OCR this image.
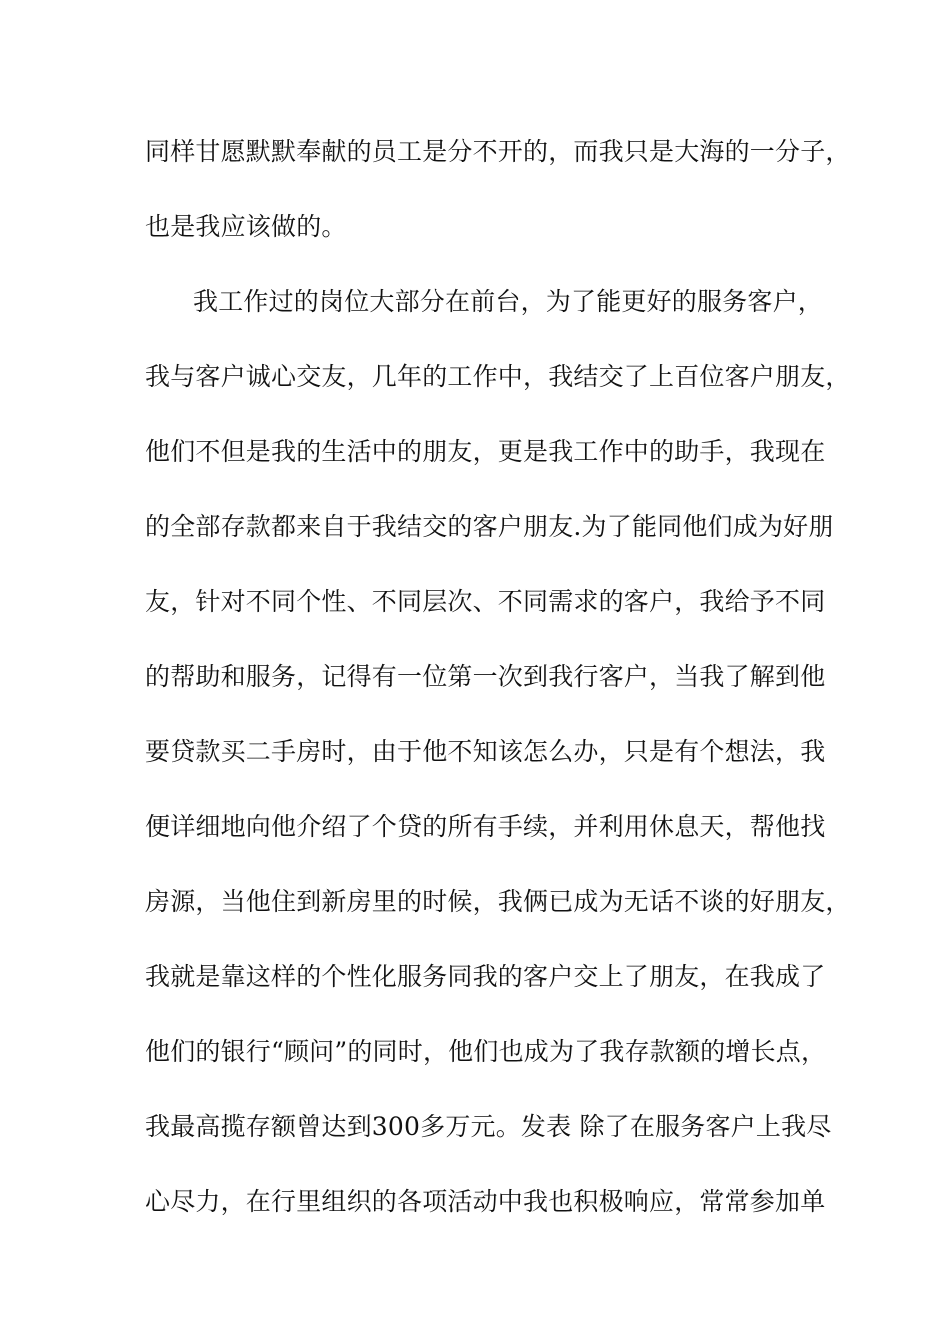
同样甘愿默默奉献的员工是分不开的，而我只是大海的一分子，
也是我应该做的。
我工作过的岗位大部分在前台，为了能更好的服务客户，
我与客户诚心交友，几年的工作中，我结交了上百位客户朋友，
他们不但是我的生活中的朋友，更是我工作中的助手，我现在
的全部存款都来自于我结交的客户朋友.为了能同他们成为好朋
友，针对不同个性、不同层次、不同需求的客户，我给予不同
的帮助和服务，记得有一位第一次到我行客户，当我了解到他
要贷款买二手房时，由于他不知该怎么办，只是有个想法，我
便详细地向他介绍了个贷的所有手续，并利用休息天，帮他找
房源，当他住到新房里的时候，我俩已成为无话不谈的好朋友，
我就是靠这样的个性化服务同我的客户交上了朋友，在我成了
他们的银行“顾问”的同时，他们也成为了我存款额的增长点，
我最高揽存额曾达到300多万元。发表 除了在服务客户上我尽
心尽力，在行里组织的各项活动中我也积极响应，常常参加单
